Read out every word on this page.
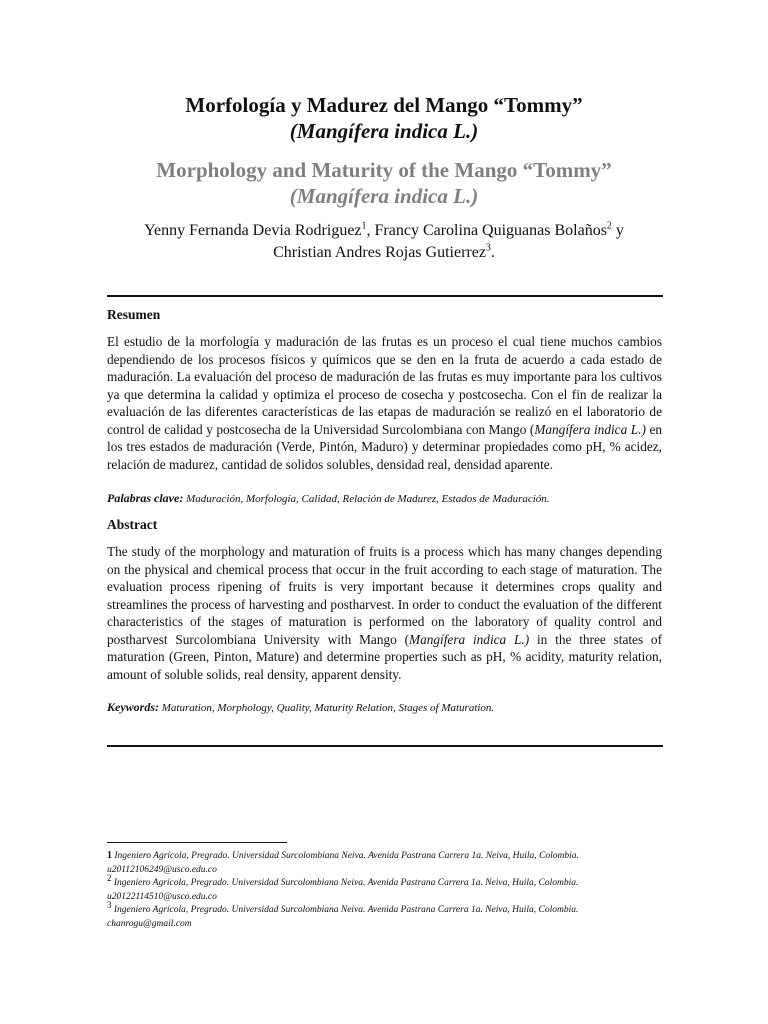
Morfología y Madurez del Mango “Tommy”
(Mangífera indica L.)
Morphology and Maturity of the Mango “Tommy”
(Mangífera indica L.)
Yenny Fernanda Devia Rodriguez$^1$, Francy Carolina Quiguanas Bolaños$^2$ y
Christian Andres Rojas Gutierrez$^3$.
Resumen
El estudio de la morfología y maduración de las frutas es un proceso el cual tiene muchos cambios dependiendo de los procesos físicos y químicos que se den en la fruta de acuerdo a cada estado de maduración. La evaluación del proceso de maduración de las frutas es muy importante para los cultivos ya que determina la calidad y optimiza el proceso de cosecha y postcosecha. Con el fin de realizar la evaluación de las diferentes características de las etapas de maduración se realizó en el laboratorio de control de calidad y postcosecha de la Universidad Surcolombiana con Mango (Mangífera indica L.) en los tres estados de maduración (Verde, Pintón, Maduro) y determinar propiedades como pH, % acidez, relación de madurez, cantidad de solidos solubles, densidad real, densidad aparente.
Palabras clave: Maduración, Morfología, Calidad, Relación de Madurez, Estados de Maduración.
Abstract
The study of the morphology and maturation of fruits is a process which has many changes depending on the physical and chemical process that occur in the fruit according to each stage of maturation. The evaluation process ripening of fruits is very important because it determines crops quality and streamlines the process of harvesting and postharvest. In order to conduct the evaluation of the different characteristics of the stages of maturation is performed on the laboratory of quality control and postharvest Surcolombiana University with Mango (Mangífera indica L.) in the three states of maturation (Green, Pinton, Mature) and determine properties such as pH, % acidity, maturity relation, amount of soluble solids, real density, apparent density.
Keywords: Maturation, Morphology, Quality, Maturity Relation, Stages of Maturation.
1 Ingeniero Agrícola, Pregrado. Universidad Surcolombiana Neiva. Avenida Pastrana Carrera 1a. Neiva, Huila, Colombia.
u20112106249@usco.edu.co
2 Ingeniero Agrícola, Pregrado. Universidad Surcolombiana Neiva. Avenida Pastrana Carrera 1a. Neiva, Huila, Colombia.
u20122114510@usco.edu.co
3 Ingeniero Agrícola, Pregrado. Universidad Surcolombiana Neiva. Avenida Pastrana Carrera 1a. Neiva, Huila, Colombia.
chanrogu@gmail.com
